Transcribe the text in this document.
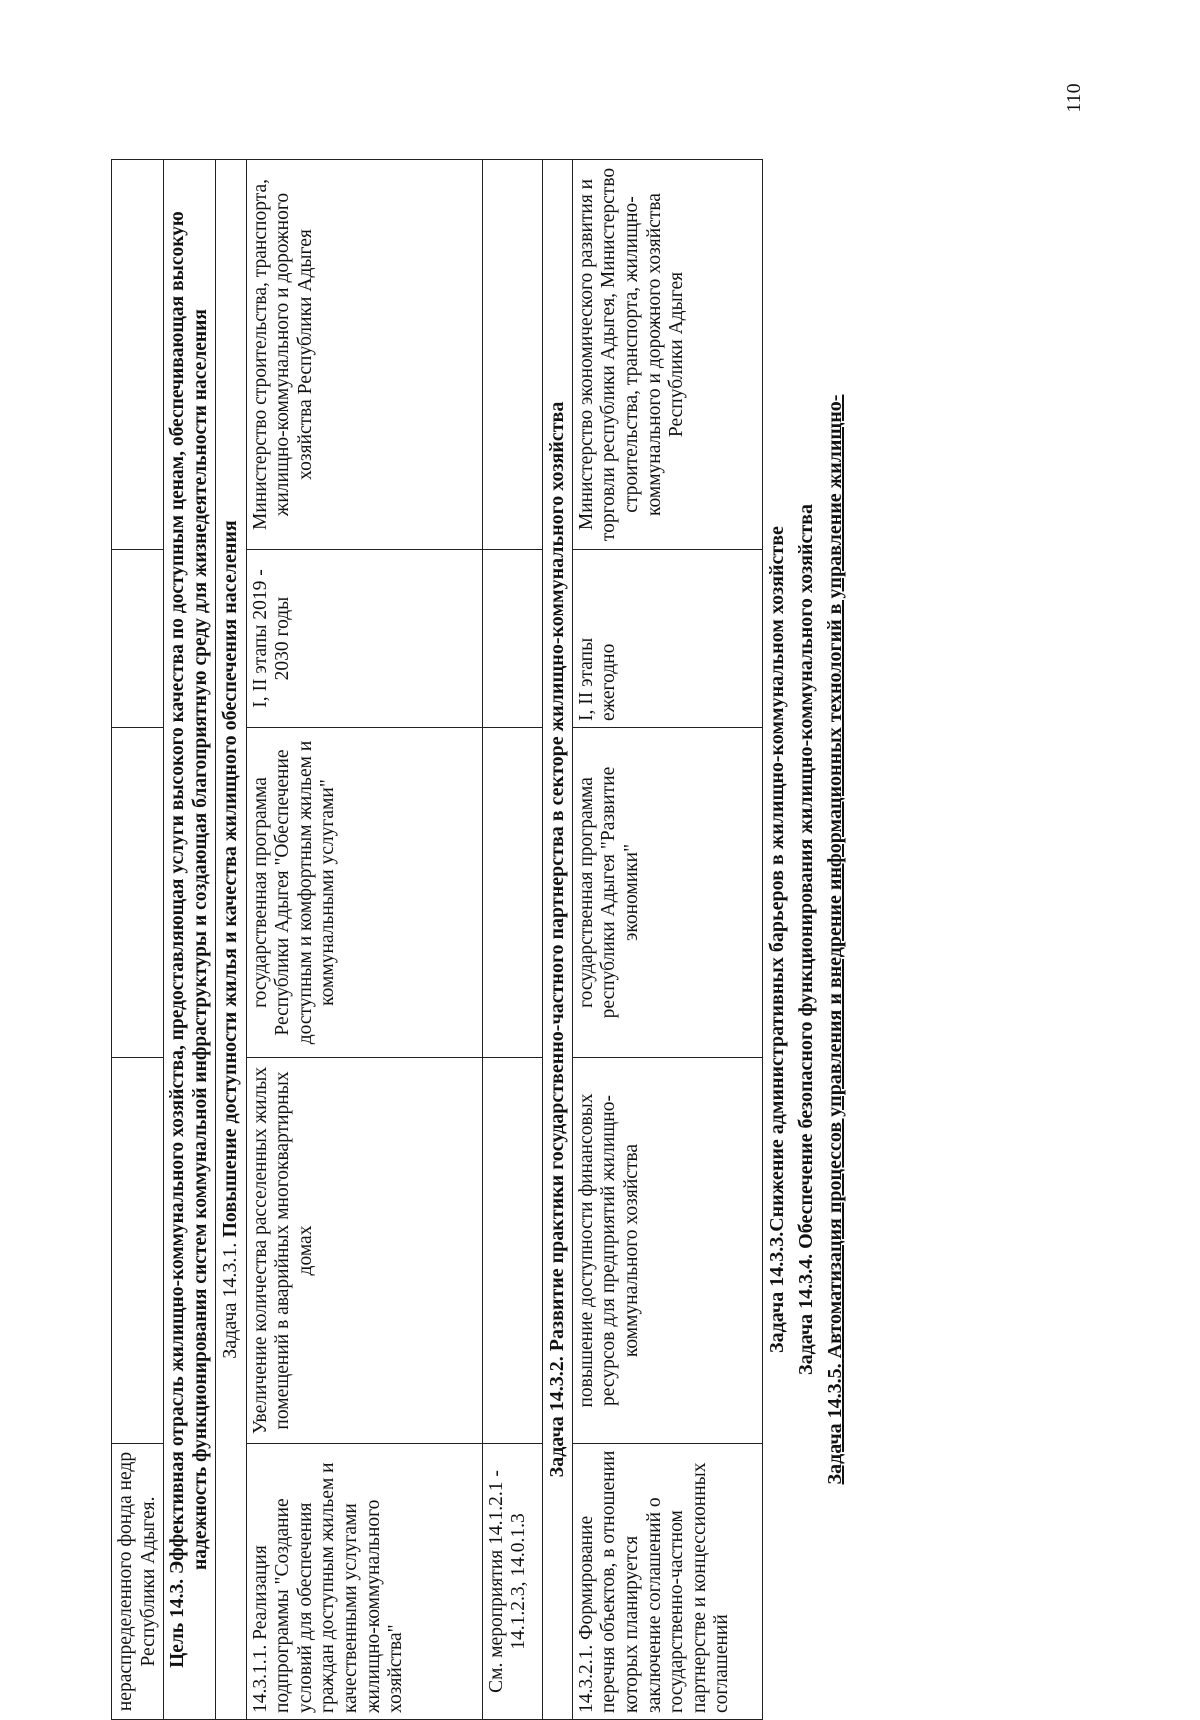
110
нераспределенного фонда недр Республики Адыгея.				
Цель 14.3. Эффективная отрасль жилищно-коммунального хозяйства, предоставляющая услуги высокого качества по доступным ценам, обеспечивающая высокую надежность функционирования систем коммунальной инфраструктуры и создающая благоприятную среду для жизнедеятельности населения				
Задача 14.3.1. Повышение доступности жилья и качества жилищного обеспечения населения				
14.3.1.1. Реализация подпрограммы "Создание условий для обеспечения граждан доступным жильем и качественными услугами жилищно-коммунального хозяйства"	Увеличение количества расселенных жилых помещений в аварийных многоквартирных домах	государственная программа Республики Адыгея "Обеспечение доступным и комфортным жильем и коммунальными услугами"	I, II этапы 2019 - 2030 годы	Министерство строительства, транспорта, жилищно-коммунального и дорожного хозяйства Республики Адыгея
См. мероприятия 14.1.2.1 - 14.1.2.3, 14.0.1.3				
Задача 14.3.2. Развитие практики государственно-частного партнерства в секторе жилищно-коммунального хозяйства				
14.3.2.1. Формирование перечня объектов, в отношении которых планируется заключение соглашений о государственно-частном партнерстве и концессионных соглашений	повышение доступности финансовых ресурсов для предприятий жилищно-коммунального хозяйства	государственная программа республики Адыгея "Развитие экономики"	I, II этапы ежегодно	Министерство экономического развития и торговли республики Адыгея, Министерство строительства, транспорта, жилищно-коммунального и дорожного хозяйства Республики Адыгея
Задача 14.3.3.Снижение административных барьеров в жилищно-коммунальном хозяйстве				
Задача 14.3.4. Обеспечение безопасного функционирования жилищно-коммунального хозяйства				
Задача 14.3.5. Автоматизация процессов управления и внедрение информационных технологий в управление жилищно-				
